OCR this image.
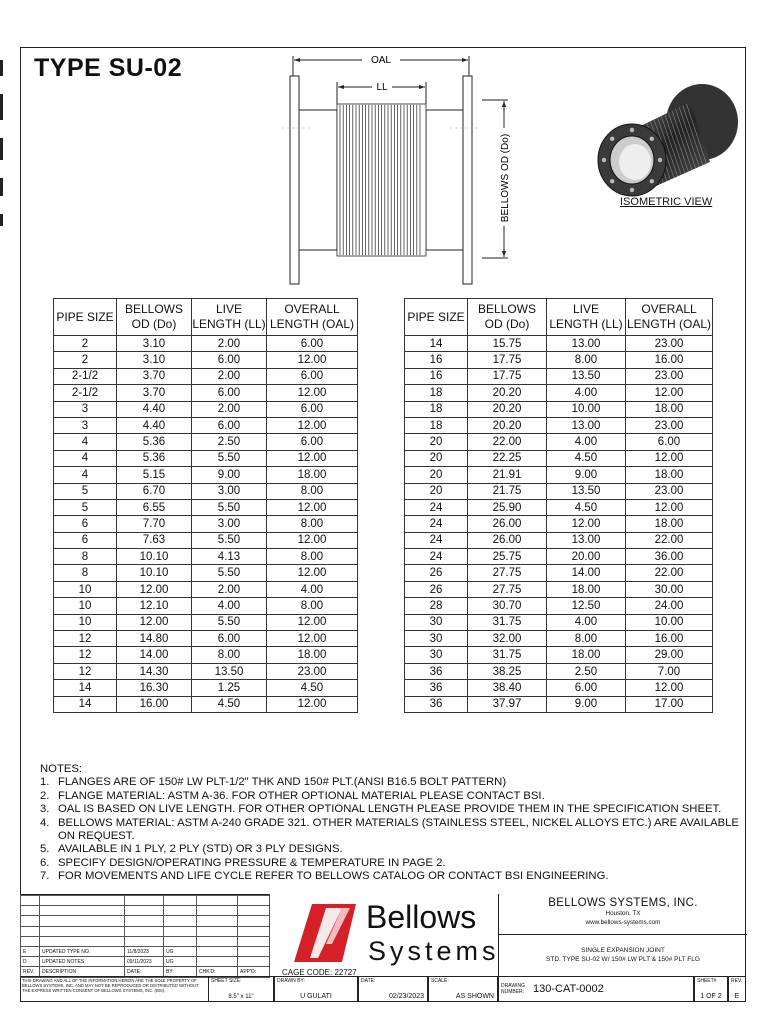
TYPE SU-02	OAL
LL
BELLOWS OD (Do)	ISOMETRIC VIEW
PIPE SIZE	BELLOWS OD (Do)	LIVE LENGTH (LL)	OVERALL LENGTH (OAL)
2	3.10	2.00	6.00
2	3.10	6.00	12.00
2-1/2	3.70	2.00	6.00
2-1/2	3.70	6.00	12.00
3	4.40	2.00	6.00
3	4.40	6.00	12.00
4	5.36	2.50	6.00
4	5.36	5.50	12.00
4	5.15	9.00	18.00
5	6.70	3.00	8.00
5	6.55	5.50	12.00
6	7.70	3.00	8.00
6	7.63	5.50	12.00
8	10.10	4.13	8.00
8	10.10	5.50	12.00
10	12.00	2.00	4.00
10	12.10	4.00	8.00
10	12.00	5.50	12.00
12	14.80	6.00	12.00
12	14.00	8.00	18.00
12	14.30	13.50	23.00
14	16.30	1.25	4.50
14	16.00	4.50	12.00
PIPE SIZE	BELLOWS OD (Do)	LIVE LENGTH (LL)	OVERALL LENGTH (OAL)
14	15.75	13.00	23.00
16	17.75	8.00	16.00
16	17.75	13.50	23.00
18	20.20	4.00	12.00
18	20.20	10.00	18.00
18	20.20	13.00	23.00
20	22.00	4.00	6.00
20	22.25	4.50	12.00
20	21.91	9.00	18.00
20	21.75	13.50	23.00
24	25.90	4.50	12.00
24	26.00	12.00	18.00
24	26.00	13.00	22.00
24	25.75	20.00	36.00
26	27.75	14.00	22.00
26	27.75	18.00	30.00
28	30.70	12.50	24.00
30	31.75	4.00	10.00
30	32.00	8.00	16.00
30	31.75	18.00	29.00
36	38.25	2.50	7.00
36	38.40	6.00	12.00
36	37.97	9.00	17.00
NOTES:
1. FLANGES ARE OF 150# LW PLT-1/2" THK AND 150# PLT.(ANSI B16.5 BOLT PATTERN)
2. FLANGE MATERIAL: ASTM A-36. FOR OTHER OPTIONAL MATERIAL PLEASE CONTACT BSI.
3. OAL IS BASED ON LIVE LENGTH. FOR OTHER OPTIONAL LENGTH PLEASE PROVIDE THEM IN THE SPECIFICATION SHEET.
4. BELLOWS MATERIAL: ASTM A-240 GRADE 321. OTHER MATERIALS (STAINLESS STEEL, NICKEL ALLOYS ETC.) ARE AVAILABLE ON REQUEST.
5. AVAILABLE IN 1 PLY, 2 PLY (STD) OR 3 PLY DESIGNS.
6. SPECIFY DESIGN/OPERATING PRESSURE & TEMPERATURE IN PAGE 2.
7. FOR MOVEMENTS AND LIFE CYCLE REFER TO BELLOWS CATALOG OR CONTACT BSI ENGINEERING.

E	UPDATED TYPE NO.	11/8/2023	UG		
D	UPDATED NOTES	09/11/2023	UG		
REV.	DESCRIPTION	DATE:	BY:	CHK'D:	APP'D:
THIS DRAWING AND ALL OF THE INFORMATION HEREIN ARE THE SOLE PROPERTY OF BELLOWS SYSTEMS, INC. AND MAY NOT BE REPRODUCED OR DISTRIBUTED WITHOUT THE EXPRESS WRITTEN CONSENT OF BELLOWS SYSTEMS, INC. (BSI).
SHEET SIZE:
8.5" x 11"
Bellows
Systems
CAGE CODE: 22727
BELLOWS SYSTEMS, INC.
Houston, TX
www.bellows-systems.com
SINGLE EXPANSION JOINT
STD. TYPE SU-02 W/ 150# LW PLT & 150# PLT FLG
DRAWN BY:
U GULATI
DATE:
02/23/2023
SCALE:
AS SHOWN
DRAWING
NUMBER: 130-CAT-0002
SHEET#
1 OF 2
REV.
E
